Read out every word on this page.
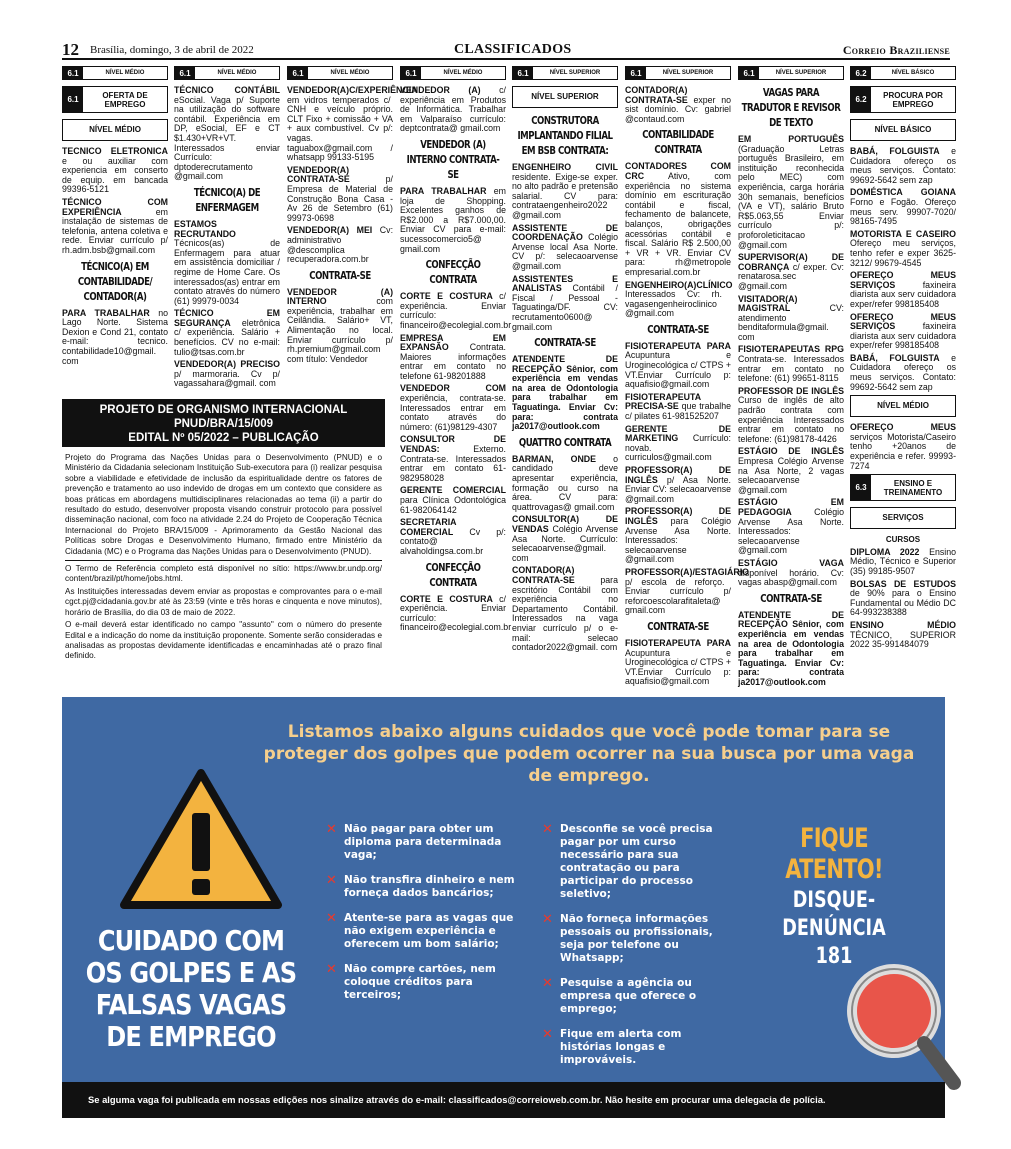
12 Brasília, domingo, 3 de abril de 2022	CLASSIFICADOS	Correio Braziliense
6.1	NÍVEL MÉDIO
6.1	OFERTA DE EMPREGO
NÍVEL MÉDIO

TECNICO ELETRONICA e ou auxiliar com experiencia em conserto de equip. em bancada 99396-5121

TÉCNICO COM EXPERIÊNCIA em instalação de sistemas de telefonia, antena coletiva e rede. Enviar currículo p/ rh.adm.bsb@gmail.com

TÉCNICO(A) EM CONTABILIDADE/ CONTADOR(A)

PARA TRABALHAR no Lago Norte. Sistema Dexion e Cond 21, contato e-mail: tecnico. contabilidade10@gmail. com

6.1	NÍVEL MÉDIO

TÉCNICO CONTÁBIL eSocial. Vaga p/ Suporte na utilização do software contábil. Experiência em DP, eSocial, EF e CT $1.430+VR+VT. Interessados enviar Currículo: dptoderecrutamento @gmail.com

TÉCNICO(A) DE ENFERMAGEM

ESTAMOS RECRUTANDO Técnicos(as) de Enfermagem para atuar em assistência domiciliar / regime de Home Care. Os interessados(as) entrar em contato através do número (61) 99979-0034

TÉCNICO EM SEGURANÇA eletrônica c/ experiência. Salário + benefícios. CV no e-mail: tulio@tsas.com.br

VENDEDOR(A) PRECISO p/ marmoraria. Cv p/ vagassahara@gmail. com

6.1	NÍVEL MÉDIO

VENDEDOR(A)C/EXPERIÊNCIA em vidros temperados c/ CNH e veículo próprio. CLT Fixo + comissão + VA + aux combustível. Cv p/: vagas. taguabox@gmail.com / whatsapp 99133-5195

VENDEDOR(A) CONTRATA-SE p/ Empresa de Material de Construção Bona Casa - Av 26 de Setembro (61) 99973-0698

VENDEDOR(A) MEI Cv: administrativo @descomplica recuperadora.com.br

CONTRATA-SE

VENDEDOR (A) INTERNO com experiência, trabalhar em Ceilândia. Salário+ VT, Alimentação no local. Enviar currículo p/ rh.premium@gmail.com com título: Vendedor

6.1	NÍVEL MÉDIO

VENDEDOR (A) c/ experiência em Produtos de Informática. Trabalhar em Valparaíso currículo: deptcontrata@ gmail.com

VENDEDOR (A) INTERNO CONTRATA-SE

PARA TRABALHAR em loja de Shopping. Excelentes ganhos de R$2.000 a R$7.000,00. Enviar CV para e-mail: sucessocomercio5@ gmail.com

CONFECÇÃO CONTRATA

CORTE E COSTURA c/ experiência. Enviar currículo: financeiro@ecolegial.com.br

EMPRESA EM EXPANSÃO Contrata. Maiores informações entrar em contato no telefone 61-98201888

VENDEDOR COM experiência, contrata-se. Interessados entrar em contato através do número: (61)98129-4307

CONSULTOR DE VENDAS: Externo. Contrata-se. Interessados entrar em contato 61-982958028

GERENTE COMERCIAL para Clínica Odontológica 61-982064142

SECRETARIA COMERCIAL Cv p/: contato@ alvaholdingsa.com.br

CONFECÇÃO CONTRATA

CORTE E COSTURA c/ experiência. Enviar currículo: financeiro@ecolegial.com.br

6.1	NÍVEL SUPERIOR
NÍVEL SUPERIOR
CONSTRUTORA IMPLANTANDO FILIAL EM BSB CONTRATA:

ENGENHEIRO CIVIL residente. Exige-se exper. no alto padrão e pretensão salarial. CV para: contrataengenheiro2022 @gmail.com

ASSISTENTE DE COORDENAÇÃO Colégio Arvense local Asa Norte. CV p/: selecaoarvense @gmail.com

ASSISTENTES E ANALISTAS Contábil / Fiscal / Pessoal - Taguatinga/DF. CV: recrutamento0600@ gmail.com

CONTRATA-SE

ATENDENTE DE RECEPÇÃO Sênior, com experiência em vendas na area de Odontologia para trabalhar em Taguatinga. Enviar Cv: para: contrata ja2017@outlook.com

QUATTRO CONTRATA

BARMAN, ONDE o candidado deve apresentar experiência, formação ou curso na área. CV para: quattrovagas@ gmail.com

CONSULTOR(A) DE VENDAS Colégio Arvense Asa Norte. Currículo: selecaoarvense@gmail. com

CONTADOR(A) CONTRATA-SE para escritório Contábil com experiência no Departamento Contábil. Interessados na vaga enviar currículo p/ o e-mail: selecao contador2022@gmail. com

6.1	NÍVEL SUPERIOR

CONTADOR(A) CONTRATA-SE exper no sist domínio. Cv: gabriel @contaud.com

CONTABILIDADE CONTRATA

CONTADORES COM CRC Ativo, com experiência no sistema domínio em escrituração contábil e fiscal, fechamento de balancete, balanços, obrigações acessórias contábil e fiscal. Salário R$ 2.500,00 + VR + VR. Enviar CV para: rh@metropole empresarial.com.br

ENGENHEIRO(A)CLÍNICO Interessados Cv: rh. vagasengenheiroclinico @gmail.com

CONTRATA-SE

FISIOTERAPEUTA PARA Acupuntura e Uroginecológica c/ CTPS + VT.Enviar Currículo p: aquafisio@gmail.com

FISIOTERAPEUTA PRECISA-SE que trabalhe c/ pilates 61-981525207

GERENTE DE MARKETING Currículo: novab. curriculos@gmail.com

PROFESSOR(A) DE INGLÊS p/ Asa Norte. Enviar CV: selecaoarvense @gmail.com

PROFESSOR(A) DE INGLÊS para Colégio Arvense Asa Norte. Interessados: selecaoarvense @gmail.com

PROFESSOR(A)/ESTAGIÁRIO p/ escola de reforço. Enviar currículo p/ reforcoescolarafitaleta@ gmail.com

CONTRATA-SE

FISIOTERAPEUTA PARA Acupuntura e Uroginecológica c/ CTPS + VT.Enviar Currículo p: aquafisio@gmail.com

6.1	NÍVEL SUPERIOR
VAGAS PARA TRADUTOR E REVISOR DE TEXTO

EM PORTUGUÊS (Graduação Letras português Brasileiro, em instituição reconhecida pelo MEC) com experiência, carga horária 30h semanais, benefícios (VA e VT), salário Bruto R$5.063,55 Enviar currículo p/: proforoleticitacao @gmail.com

SUPERVISOR(A) DE COBRANÇA c/ exper. Cv: renatarosa.sec @gmail.com

VISITADOR(A) MAGISTRAL CV: atendimento benditaformula@gmail. com

FISIOTERAPEUTAS RPG Contrata-se. Interessados entrar em contato no telefone: (61) 99651-8115

PROFESSOR DE INGLÊS Curso de inglês de alto padrão contrata com experiência Interessados entrar em contato no telefone: (61)98178-4426

ESTÁGIO DE INGLÊS Empresa Colégio Arvense na Asa Norte, 2 vagas selecaoarvense @gmail.com

ESTÁGIO EM PEDAGOGIA Colégio Arvense Asa Norte. Interessados: selecaoarvense @gmail.com

ESTÁGIO VAGA disponível horário. Cv: vagas abasp@gmail.com

CONTRATA-SE

ATENDENTE DE RECEPÇÃO Sênior, com experiência em vendas na area de Odontologia para trabalhar em Taguatinga. Enviar Cv: para: contrata ja2017@outlook.com

6.2	NÍVEL BÁSICO
6.2	PROCURA POR EMPREGO
NÍVEL BÁSICO

BABÁ, FOLGUISTA e Cuidadora ofereço os meus serviços. Contato: 99692-5642 sem zap

DOMÉSTICA GOIANA Forno e Fogão. Ofereço meus serv. 99907-7020/ 98165-7495

MOTORISTA E CASEIRO Ofereço meu serviços, tenho refer e exper 3625-3212/ 99679-4545

OFEREÇO MEUS SERVIÇOS faxineira diarista aux serv cuidadora exper/refer 998185408

OFEREÇO MEUS SERVIÇOS faxineira diarista aux serv cuidadora exper/refer 998185408

BABÁ, FOLGUISTA e Cuidadora ofereço os meus serviços. Contato: 99692-5642 sem zap

NÍVEL MÉDIO

OFEREÇO MEUS serviços Motorista/Caseiro tenho +20anos de experiência e refer. 99993-7274

6.3	ENSINO E TREINAMENTO
SERVIÇOS
CURSOS

DIPLOMA 2022 Ensino Médio, Técnico e Superior (35) 99185-9507

BOLSAS DE ESTUDOS de 90% para o Ensino Fundamental ou Médio DC 64-993238388

ENSINO MÉDIO TÉCNICO, SUPERIOR 2022 35-991484079

PROJETO DE ORGANISMO INTERNACIONAL
PNUD/BRA/15/009
EDITAL Nº 05/2022 – PUBLICAÇÃO

Projeto do Programa das Nações Unidas para o Desenvolvimento (PNUD) e o Ministério da Cidadania selecionam Instituição Sub-executora para (i) realizar pesquisa sobre a viabilidade e efetividade de inclusão da espiritualidade dentre os fatores de prevenção e tratamento ao uso indevido de drogas em um contexto que considere as boas práticas em abordagens multidisciplinares relacionadas ao tema (ii) a partir do resultado do estudo, desenvolver proposta visando construir protocolo para possível disseminação nacional, com foco na atividade 2.24 do Projeto de Cooperação Técnica Internacional do Projeto BRA/15/009 - Aprimoramento da Gestão Nacional das Políticas sobre Drogas e Desenvolvimento Humano, firmado entre Ministério da Cidadania (MC) e o Programa das Nações Unidas para o Desenvolvimento (PNUD).

O Termo de Referência completo está disponível no sítio: https://www.br.undp.org/ content/brazil/pt/home/jobs.html.

As Instituições interessadas devem enviar as propostas e comprovantes para o e-mail cgct.pj@cidadania.gov.br até às 23:59 (vinte e três horas e cinquenta e nove minutos), horário de Brasília, do dia 03 de maio de 2022.

O e-mail deverá estar identificado no campo "assunto" com o número do presente Edital e a indicação do nome da instituição proponente. Somente serão consideradas e analisadas as propostas devidamente identificadas e encaminhadas até o prazo final definido.

Listamos abaixo alguns cuidados que você pode tomar para se proteger dos golpes que podem ocorrer na sua busca por uma vaga de emprego.
CUIDADO COM OS GOLPES E AS FALSAS VAGAS DE EMPREGO
✕ Não pagar para obter um diploma para determinada vaga;
✕ Não transfira dinheiro e nem forneça dados bancários;
✕ Atente-se para as vagas que não exigem experiência e oferecem um bom salário;
✕ Não compre cartões, nem coloque créditos para terceiros;
✕ Desconfie se você precisa pagar por um curso necessário para sua contratação ou para participar do processo seletivo;
✕ Não forneça informações pessoais ou profissionais, seja por telefone ou Whatsapp;
✕ Pesquise a agência ou empresa que oferece o emprego;
✕ Fique em alerta com histórias longas e improváveis.
FIQUE ATENTO!
DISQUE-DENÚNCIA
181
Se alguma vaga foi publicada em nossas edições nos sinalize através do e-mail: classificados@correioweb.com.br. Não hesite em procurar uma delegacia de polícia.
